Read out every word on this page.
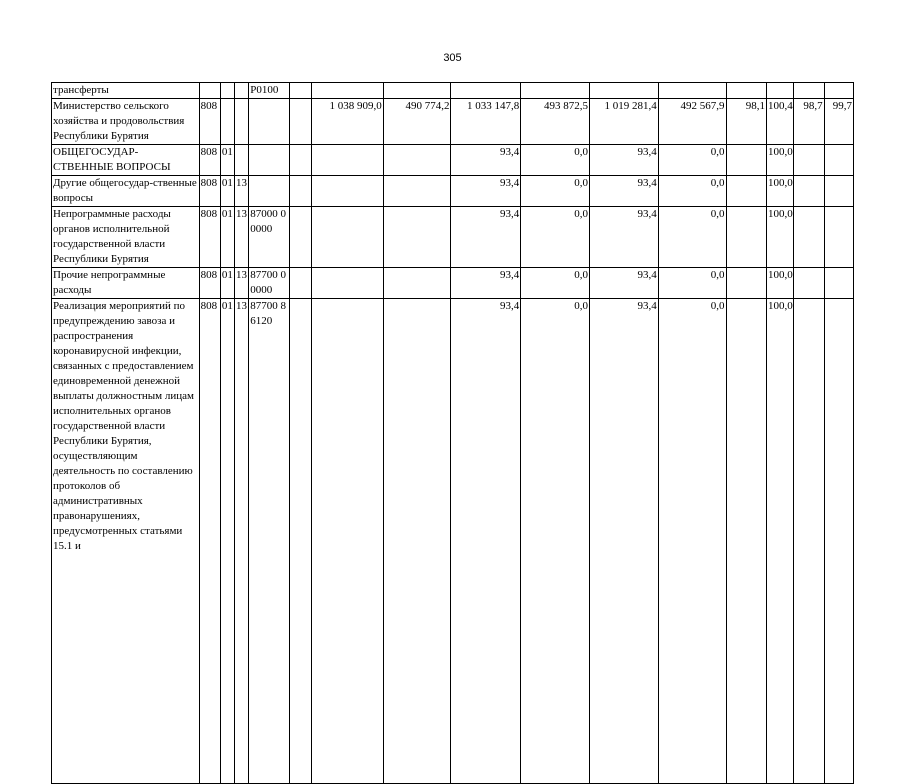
305
трансферты				Р0100											
Министерство сельского хозяйства и продовольствия Республики Бурятия	808					1 038 909,0	490 774,2	1 033 147,8	493 872,5	1 019 281,4	492 567,9	98,1	100,4	98,7	99,7
ОБЩЕГОСУДАР-СТВЕННЫЕ ВОПРОСЫ	808	01						93,4	0,0	93,4	0,0		100,0		
Другие общегосудар-ственные вопросы	808	01	13					93,4	0,0	93,4	0,0		100,0		
Непрограммные расходы органов исполнительной государственной власти Республики Бурятия	808	01	13	87000 00000				93,4	0,0	93,4	0,0		100,0		
Прочие непрограммные расходы	808	01	13	87700 00000				93,4	0,0	93,4	0,0		100,0		
Реализация мероприятий по предупреждению завоза и распространения коронавирусной инфекции, связанных с предоставлением единовременной денежной выплаты должностным лицам исполнительных органов государственной власти Республики Бурятия, осуществляющим деятельность по составлению протоколов об административных правонарушениях, предусмотренных статьями 15.1 и	808	01	13	87700 86120				93,4	0,0	93,4	0,0		100,0		
